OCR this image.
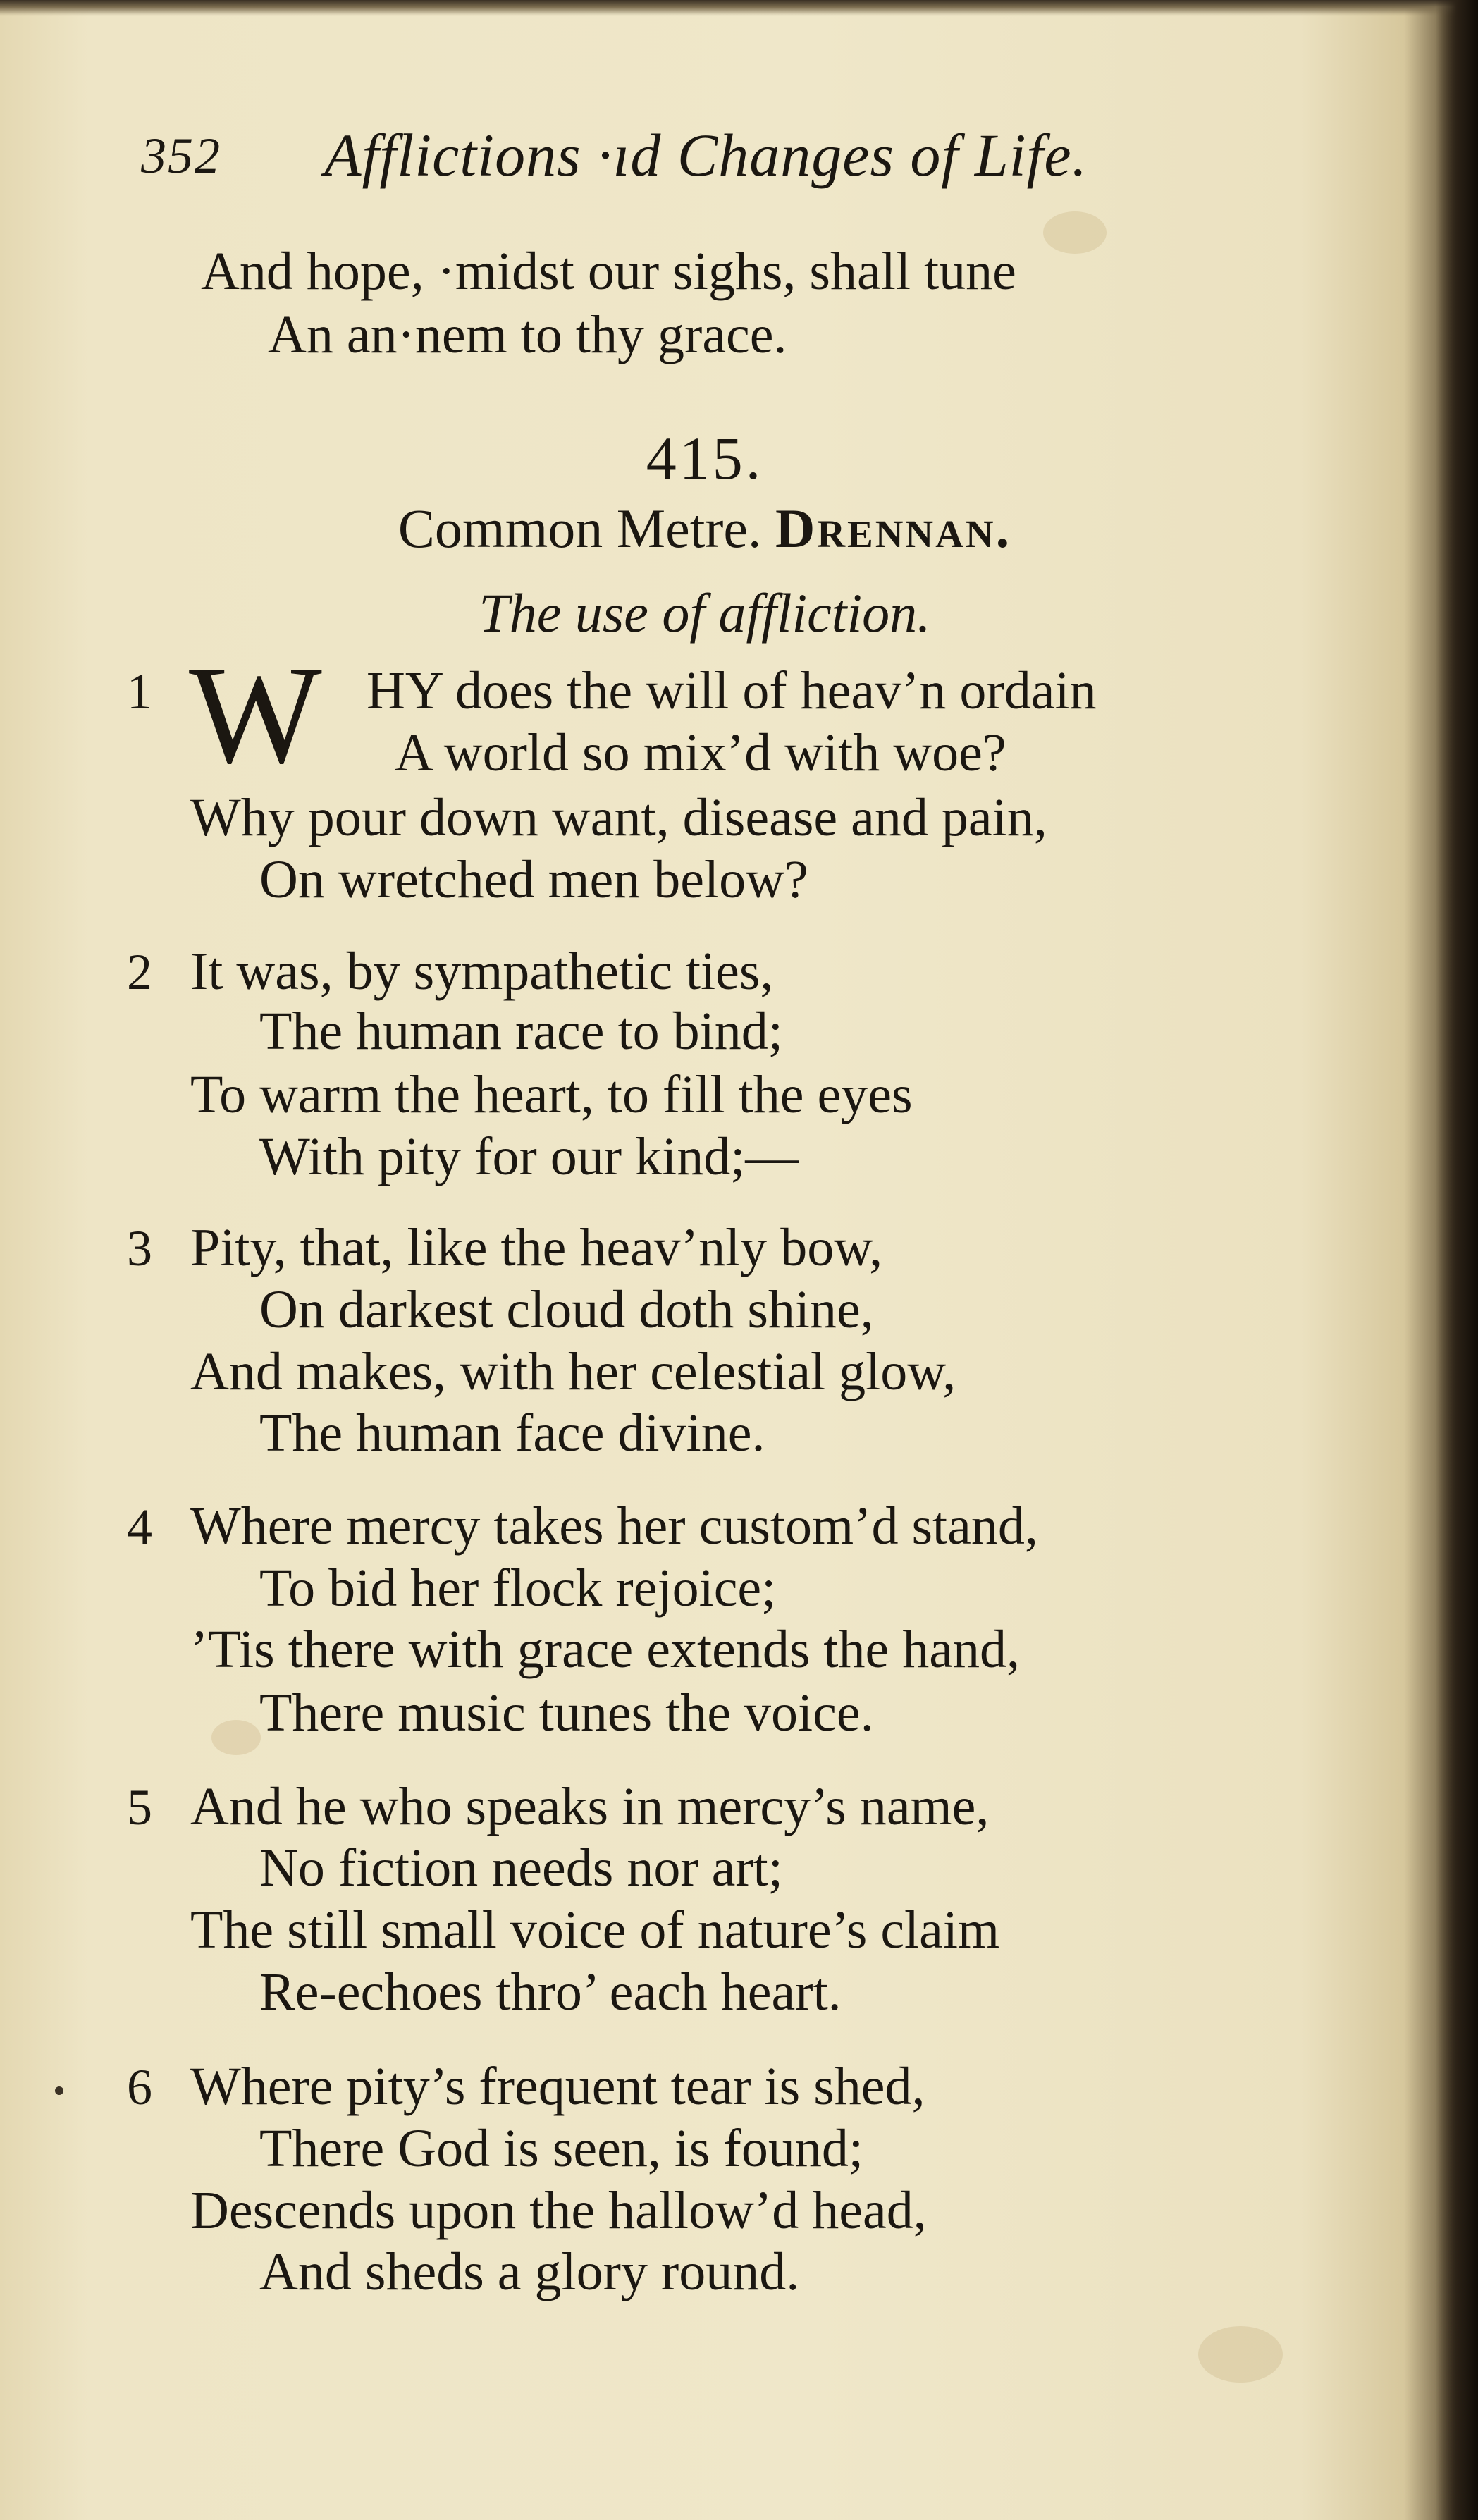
352 Afflictions ·ıd Changes of Life.
And hope, ·midst our sighs, shall tune
An an·nem to thy grace.
415.
Common Metre. Drennan.
The use of affliction.
1 W HY does the will of heav’n ordain
A world so mix’d with woe?
Why pour down want, disease and pain,
On wretched men below?
2 It was, by sympathetic ties,
The human race to bind;
To warm the heart, to fill the eyes
With pity for our kind;—
3 Pity, that, like the heav’nly bow,
On darkest cloud doth shine,
And makes, with her celestial glow,
The human face divine.
4 Where mercy takes her custom’d stand,
To bid her flock rejoice;
’Tis there with grace extends the hand,
There music tunes the voice.
5 And he who speaks in mercy’s name,
No fiction needs nor art;
The still small voice of nature’s claim
Re-echoes thro’ each heart.
6 Where pity’s frequent tear is shed,
There God is seen, is found;
Descends upon the hallow’d head,
And sheds a glory round.
